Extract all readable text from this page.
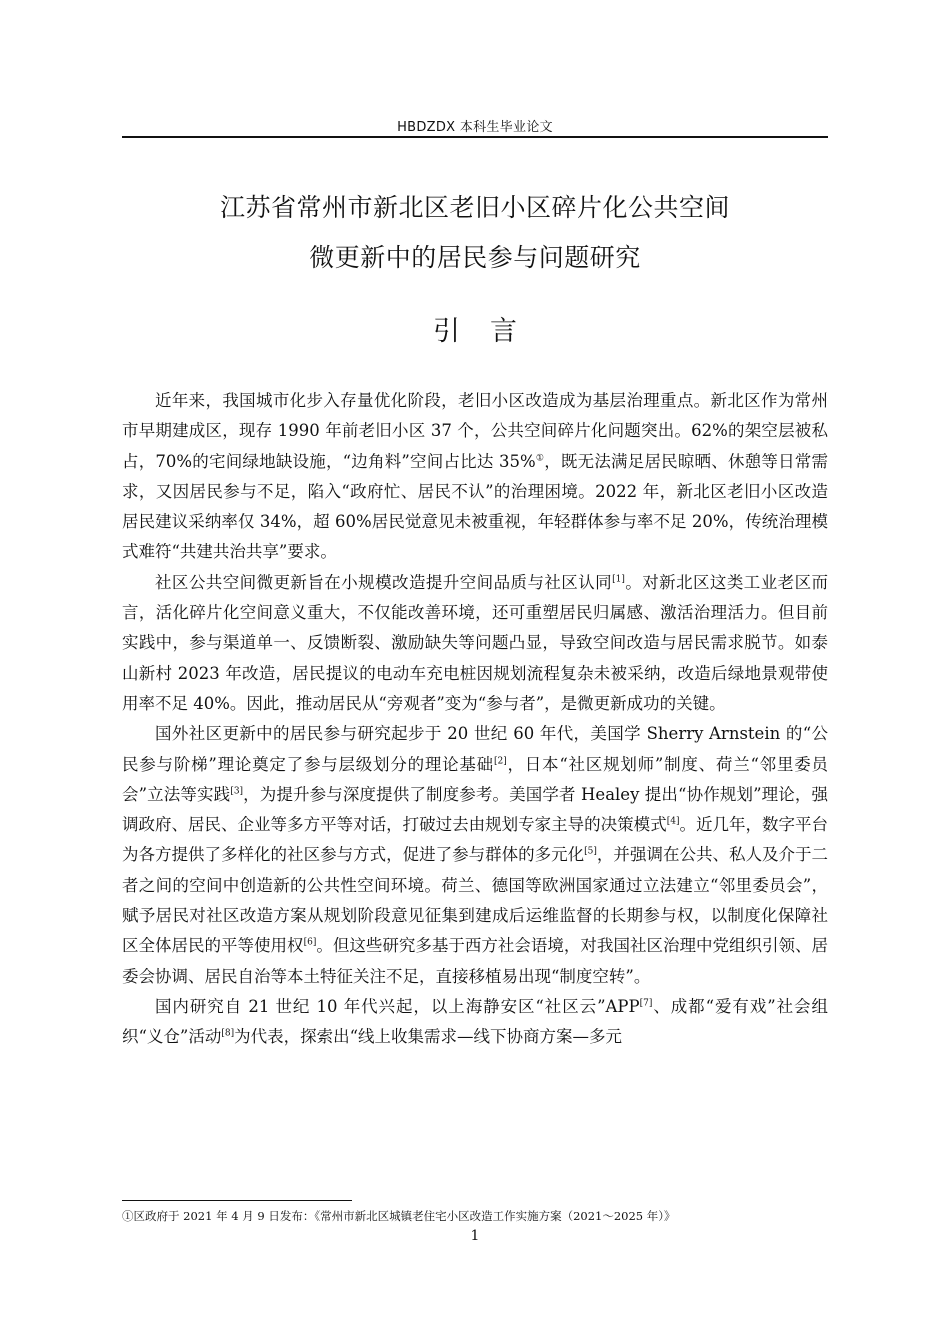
HBDZDX 本科生毕业论文
江苏省常州市新北区老旧小区碎片化公共空间
微更新中的居民参与问题研究
引言

近年来，我国城市化步入存量优化阶段，老旧小区改造成为基层治理重点。新北区作为常州市早期建成区，现存 1990 年前老旧小区 37 个，公共空间碎片化问题突出。62%的架空层被私占，70%的宅间绿地缺设施，“边角料”空间占比达 35%①，既无法满足居民晾晒、休憩等日常需求，又因居民参与不足，陷入“政府忙、居民不认”的治理困境。2022 年，新北区老旧小区改造居民建议采纳率仅 34%，超 60%居民觉意见未被重视，年轻群体参与率不足 20%，传统治理模式难符“共建共治共享”要求。

社区公共空间微更新旨在小规模改造提升空间品质与社区认同[1]。对新北区这类工业老区而言，活化碎片化空间意义重大，不仅能改善环境，还可重塑居民归属感、激活治理活力。但目前实践中，参与渠道单一、反馈断裂、激励缺失等问题凸显，导致空间改造与居民需求脱节。如泰山新村 2023 年改造，居民提议的电动车充电桩因规划流程复杂未被采纳，改造后绿地景观带使用率不足 40%。因此，推动居民从“旁观者”变为“参与者”，是微更新成功的关键。

国外社区更新中的居民参与研究起步于 20 世纪 60 年代，美国学 Sherry Arnstein 的“公民参与阶梯”理论奠定了参与层级划分的理论基础[2]，日本“社区规划师”制度、荷兰“邻里委员会”立法等实践[3]，为提升参与深度提供了制度参考。美国学者 Healey 提出“协作规划”理论，强调政府、居民、企业等多方平等对话，打破过去由规划专家主导的决策模式[4]。近几年，数字平台为各方提供了多样化的社区参与方式，促进了参与群体的多元化[5]，并强调在公共、私人及介于二者之间的空间中创造新的公共性空间环境。荷兰、德国等欧洲国家通过立法建立“邻里委员会”，赋予居民对社区改造方案从规划阶段意见征集到建成后运维监督的长期参与权，以制度化保障社区全体居民的平等使用权[6]。但这些研究多基于西方社会语境，对我国社区治理中党组织引领、居委会协调、居民自治等本土特征关注不足，直接移植易出现“制度空转”。

国内研究自 21 世纪 10 年代兴起，以上海静安区“社区云”APP[7]、成都“爱有戏”社会组织“义仓”活动[8]为代表，探索出“线上收集需求—线下协商方案—多元

①区政府于 2021 年 4 月 9 日发布：《常州市新北区城镇老住宅小区改造工作实施方案（2021～2025 年）》
1
